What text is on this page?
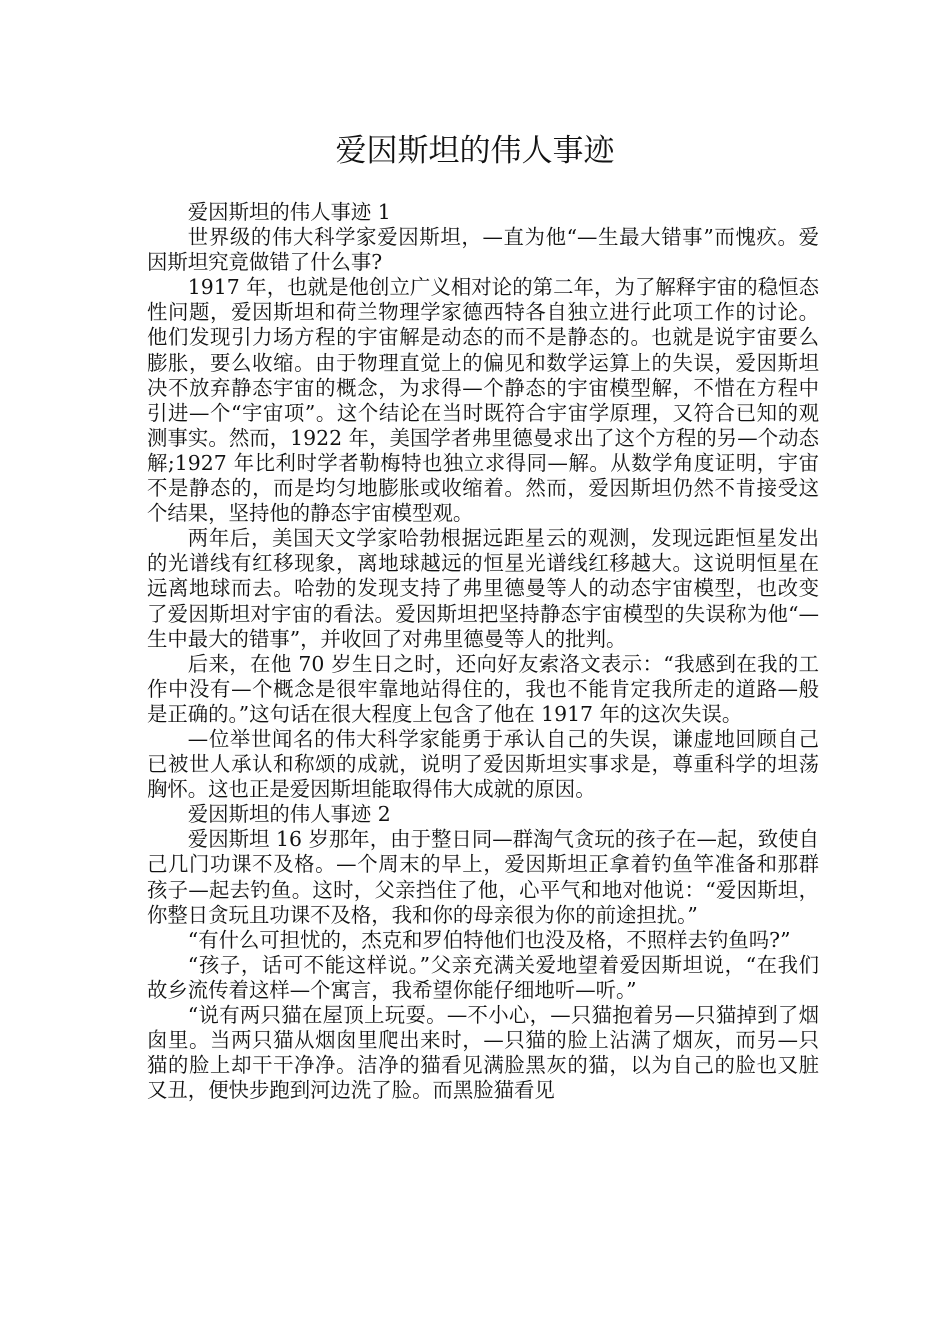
爱因斯坦的伟人事迹

爱因斯坦的伟人事迹 1

世界级的伟大科学家爱因斯坦，—直为他“—生最大错事”而愧疚。爱因斯坦究竟做错了什么事?

1917 年，也就是他创立广义相对论的第二年，为了解释宇宙的稳恒态性问题，爱因斯坦和荷兰物理学家德西特各自独立进行此项工作的讨论。他们发现引力场方程的宇宙解是动态的而不是静态的。也就是说宇宙要么膨胀，要么收缩。由于物理直觉上的偏见和数学运算上的失误，爱因斯坦决不放弃静态宇宙的概念，为求得—个静态的宇宙模型解，不惜在方程中引进—个“宇宙项”。这个结论在当时既符合宇宙学原理，又符合已知的观测事实。然而，1922 年，美国学者弗里德曼求出了这个方程的另—个动态解;1927 年比利时学者勒梅特也独立求得同—解。从数学角度证明，宇宙不是静态的，而是均匀地膨胀或收缩着。然而，爱因斯坦仍然不肯接受这个结果，坚持他的静态宇宙模型观。

两年后，美国天文学家哈勃根据远距星云的观测，发现远距恒星发出的光谱线有红移现象，离地球越远的恒星光谱线红移越大。这说明恒星在远离地球而去。哈勃的发现支持了弗里德曼等人的动态宇宙模型，也改变了爱因斯坦对宇宙的看法。爱因斯坦把坚持静态宇宙模型的失误称为他“—生中最大的错事”，并收回了对弗里德曼等人的批判。

后来，在他 70 岁生日之时，还向好友索洛文表示：“我感到在我的工作中没有—个概念是很牢靠地站得住的，我也不能肯定我所走的道路—般是正确的。”这句话在很大程度上包含了他在 1917 年的这次失误。

—位举世闻名的伟大科学家能勇于承认自己的失误，谦虚地回顾自己已被世人承认和称颂的成就，说明了爱因斯坦实事求是，尊重科学的坦荡胸怀。这也正是爱因斯坦能取得伟大成就的原因。

爱因斯坦的伟人事迹 2

爱因斯坦 16 岁那年，由于整日同—群淘气贪玩的孩子在—起，致使自己几门功课不及格。—个周末的早上，爱因斯坦正拿着钓鱼竿准备和那群孩子—起去钓鱼。这时，父亲挡住了他，心平气和地对他说：“爱因斯坦，你整日贪玩且功课不及格，我和你的母亲很为你的前途担扰。”

“有什么可担忧的，杰克和罗伯特他们也没及格，不照样去钓鱼吗?”

“孩子，话可不能这样说。”父亲充满关爱地望着爱因斯坦说，“在我们故乡流传着这样—个寓言，我希望你能仔细地听—听。”

“说有两只猫在屋顶上玩耍。—不小心，—只猫抱着另—只猫掉到了烟囱里。当两只猫从烟囱里爬出来时，—只猫的脸上沾满了烟灰，而另—只猫的脸上却干干净净。洁净的猫看见满脸黑灰的猫，以为自己的脸也又脏又丑，便快步跑到河边洗了脸。而黑脸猫看见
